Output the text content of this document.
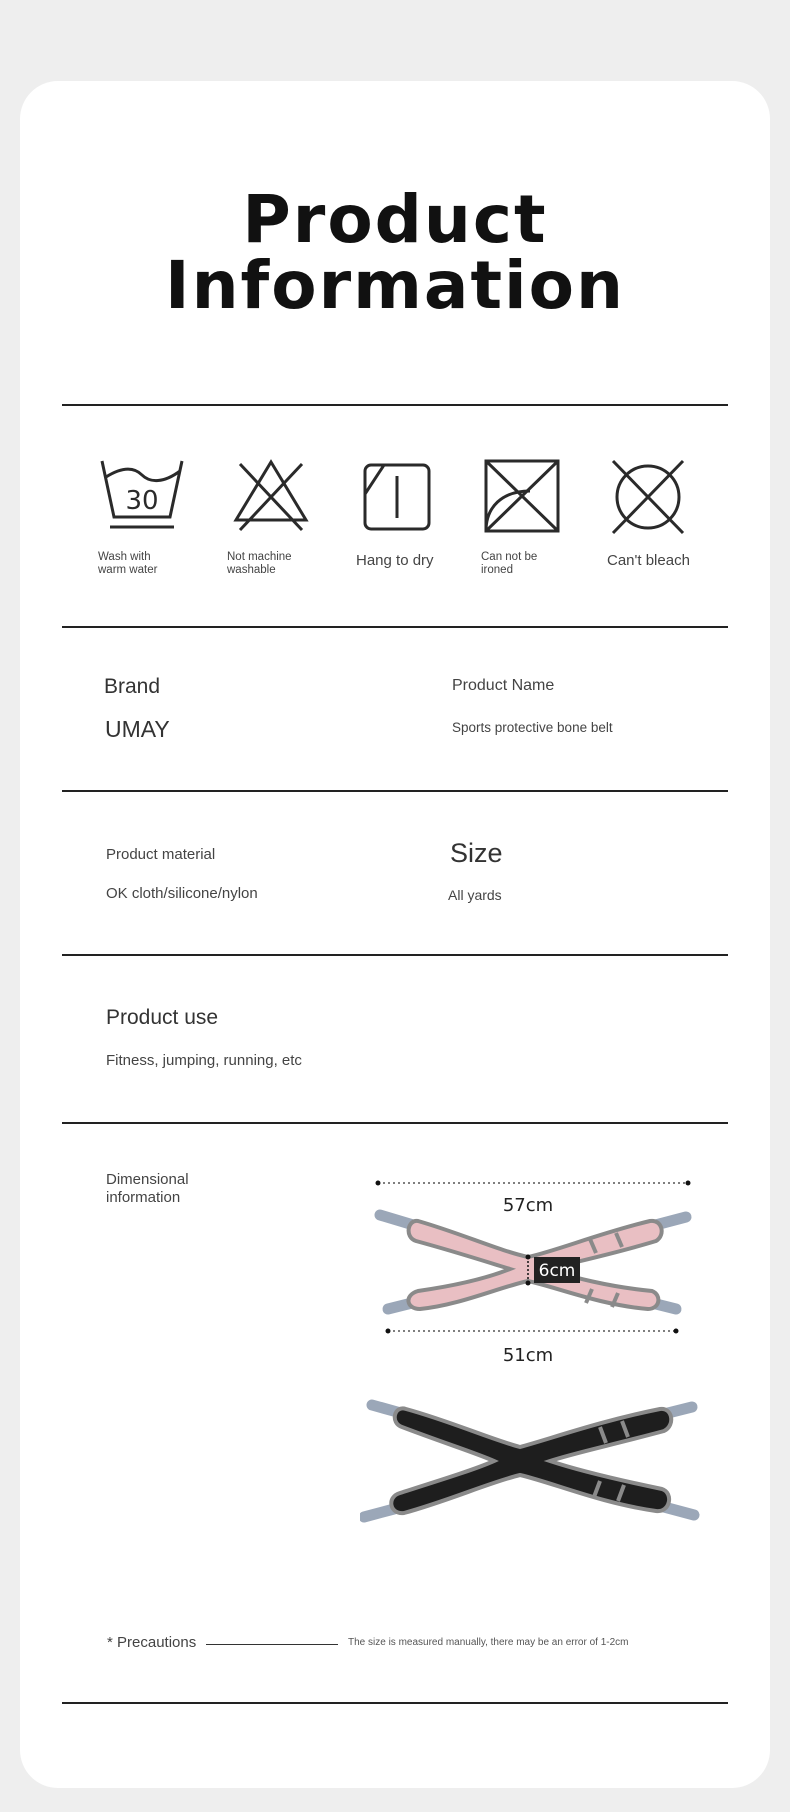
Product
Information
30
Wash with
warm water
Not machine
washable
Hang to dry	Can not be
ironed
Can't bleach
Brand
UMAY
Product Name
Sports protective bone belt
Product material
OK cloth/silicone/nylon
Size
All yards
Product use
Fitness, jumping, running, etc
Dimensional
information	57cm
6cm
51cm
* Precautions	The size is measured manually, there may be an error of 1-2cm
